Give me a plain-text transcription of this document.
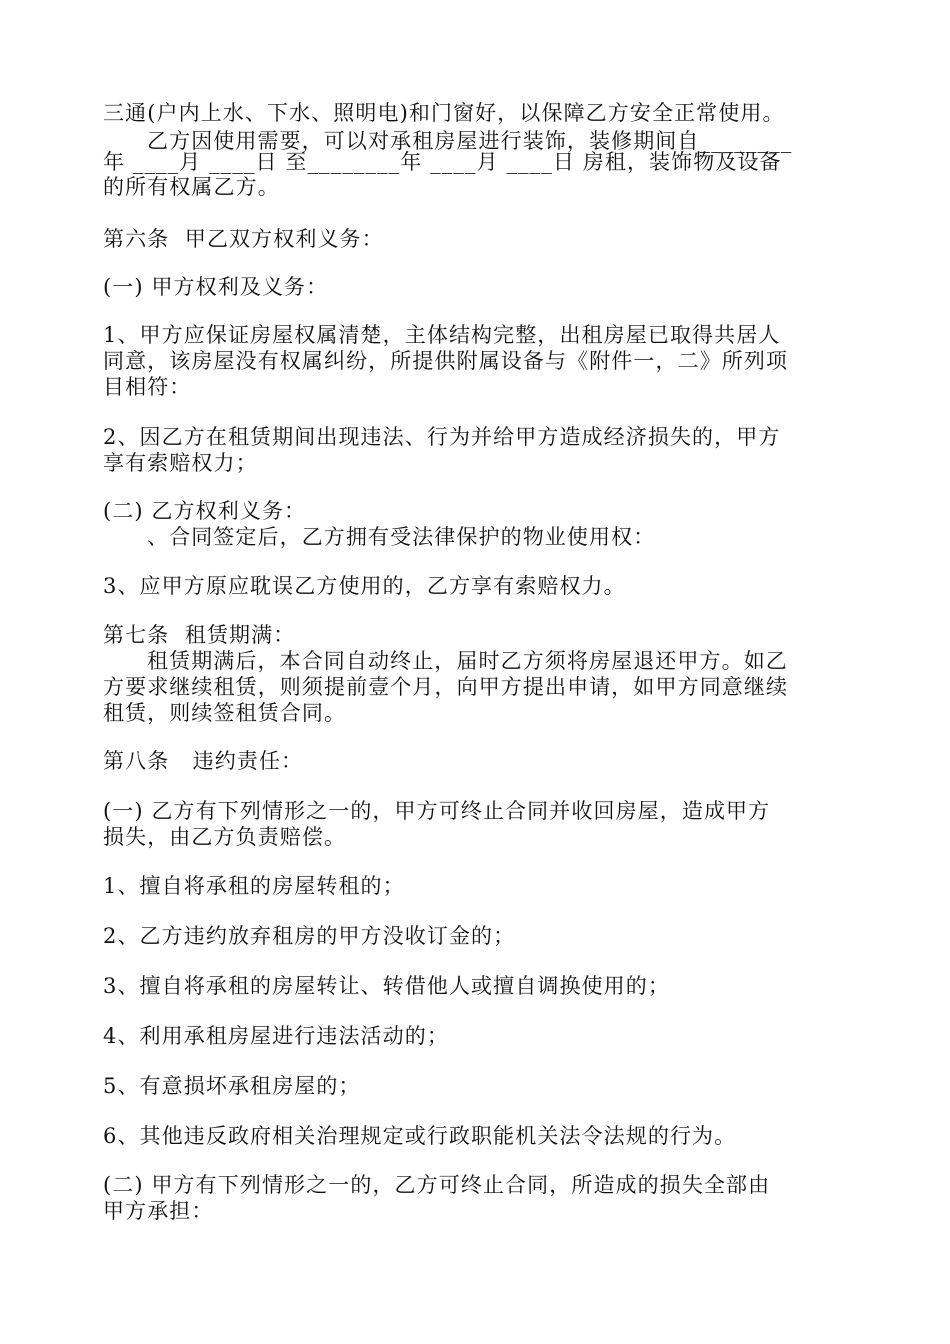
三通(户内上水、下水、照明电)和门窗好，以保障乙方安全正常使用。
乙方因使用需要，可以对承租房屋进行装饰，装修期间自________
年 ____月 ____日 至________年 ____月 ____日 房租，装饰物及设备
的所有权属乙方。
第六条  甲乙双方权利义务：
(一) 甲方权利及义务：
1、甲方应保证房屋权属清楚，主体结构完整，出租房屋已取得共居人
同意，该房屋没有权属纠纷，所提供附属设备与《附件一，二》所列项
目相符：
2、因乙方在租赁期间出现违法、行为并给甲方造成经济损失的，甲方
享有索赔权力；
(二) 乙方权利义务：
、合同签定后，乙方拥有受法律保护的物业使用权：
3、应甲方原应耽误乙方使用的，乙方享有索赔权力。
第七条  租赁期满：
租赁期满后，本合同自动终止，届时乙方须将房屋退还甲方。如乙
方要求继续租赁，则须提前壹个月，向甲方提出申请，如甲方同意继续
租赁，则续签租赁合同。
第八条   违约责任：
(一) 乙方有下列情形之一的，甲方可终止合同并收回房屋，造成甲方
损失，由乙方负责赔偿。
1、擅自将承租的房屋转租的；
2、乙方违约放弃租房的甲方没收订金的；
3、擅自将承租的房屋转让、转借他人或擅自调换使用的；
4、利用承租房屋进行违法活动的；
5、有意损坏承租房屋的；
6、其他违反政府相关治理规定或行政职能机关法令法规的行为。
(二) 甲方有下列情形之一的，乙方可终止合同，所造成的损失全部由
甲方承担：
